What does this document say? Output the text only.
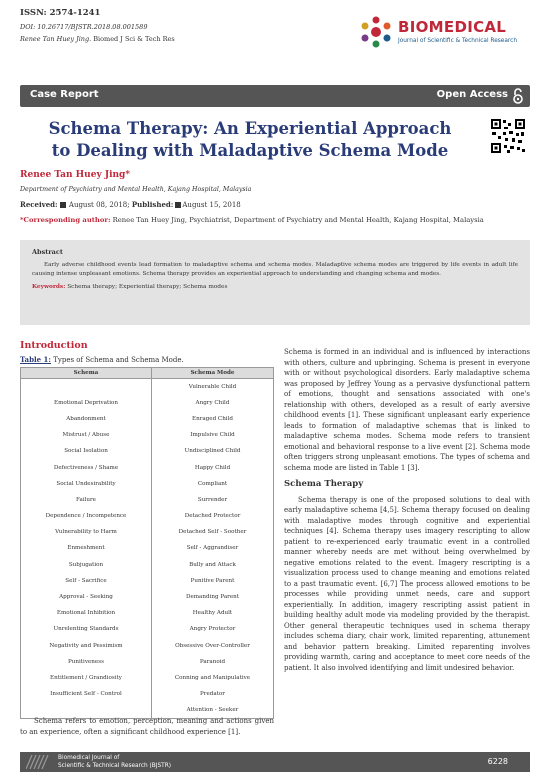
ISSN: 2574-1241
DOI: 10.26717/BJSTR.2018.08.001589
Renee Tan Huey Jing. Biomed J Sci & Tech Res
BIOMEDICAL
Journal of Scientific & Technical Research
Case Report	Open Access
Schema Therapy: An Experiential Approach to Dealing with Maladaptive Schema Mode
Renee Tan Huey Jing*
Department of Psychiatry and Mental Health, Kajang Hospital, Malaysia
Received: August 08, 2018; Published: August 15, 2018
*Corresponding author: Renee Tan Huey Jing, Psychiatrist, Department of Psychiatry and Mental Health, Kajang Hospital, Malaysia
Abstract
Early adverse childhood events lead formation to maladaptive schema and schema modes. Maladaptive schema modes are triggered by life events in adult life causing intense unpleasant emotions. Schema therapy provides an experiential approach to understanding and changing schema and modes.
Keywords: Schema therapy; Experiential therapy; Schema modes
Introduction
Table 1: Types of Schema and Schema Mode.
Schema	Schema Mode
	Vulnerable Child
Emotional Deprivation	Angry Child
Abandonment	Enraged Child
Mistrust / Abuse	Impulsive Child
Social Isolation	Undisciplined Child
Defectiveness / Shame	Happy Child
Social Undesirability	Compliant
Failure	Surrender
Dependence / Incompetence	Detached Protector
Vulnerability to Harm	Detached Self - Soother
Enmeshment	Self - Aggrandiser
Subjugation	Bully and Attack
Self - Sacrifice	Punitive Parent
Approval - Seeking	Demanding Parent
Emotional Inhibition	Healthy Adult
Unrelenting Standards	Angry Protector
Negativity and Pessimism	Obsessive Over-Controller
Punitiveness	Paranoid
Entitlement / Grandiosity	Conning and Manipulative
Insufficient Self - Control	Predator
	Attention - Seeker
Schema refers to emotion, perception, meaning and actions given to an experience, often a significant childhood experience [1].

Schema is formed in an individual and is influenced by interactions with others, culture and upbringing. Schema is present in everyone with or without psychological disorders. Early maladaptive schema was proposed by Jeffrey Young as a pervasive dysfunctional pattern of emotions, thought and sensations associated with one's relationship with others, developed as a result of early aversive childhood events [1]. These significant unpleasant early experience leads to formation of maladaptive schemas that is linked to maladaptive schema modes. Schema mode refers to transient emotional and behavioral response to a live event [2]. Schema mode often triggers strong unpleasant emotions. The types of schema and schema mode are listed in Table 1 [3].

Schema Therapy

Schema therapy is one of the proposed solutions to deal with early maladaptive schema [4,5]. Schema therapy focused on dealing with maladaptive modes through cognitive and experiential techniques [4]. Schema therapy uses imagery rescripting to allow patient to re-experienced early traumatic event in a controlled manner whereby needs are met without being overwhelmed by negative emotions related to the event. Imagery rescripting is a visualization process used to change meaning and emotions related to a past traumatic event. [6,7] The process allowed emotions to be processes while providing unmet needs, care and support experientially. In addition, imagery rescripting assist patient in building healthy adult mode via modeling provided by the therapist. Other general therapeutic techniques used in schema therapy includes schema diary, chair work, limited reparenting, attunement and behavior pattern breaking. Limited reparenting involves providing warmth, caring and acceptance to meet core needs of the patient. It also involved identifying and limit undesired behavior.

Biomedical Journal of
Scientific & Technical Research (BJSTR)	6228
